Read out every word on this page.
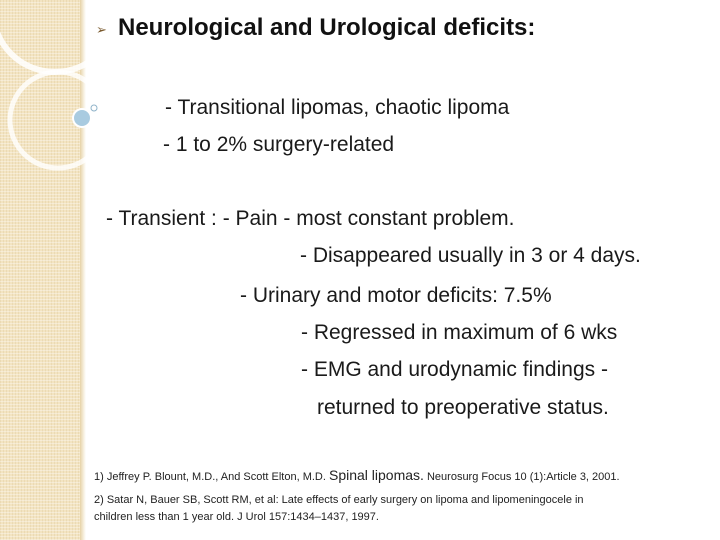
➢ Neurological and Urological deficits:
- Transitional lipomas, chaotic lipoma
- 1 to 2% surgery-related
- Transient : - Pain - most constant problem.
- Disappeared usually in 3 or 4 days.
- Urinary and motor deficits: 7.5%
- Regressed in maximum of 6 wks
- EMG and urodynamic findings -
returned to preoperative status.
1) Jeffrey P. Blount, M.D., And Scott Elton, M.D. Spinal lipomas. Neurosurg Focus 10 (1):Article 3, 2001.
2) Satar N, Bauer SB, Scott RM, et al: Late effects of early surgery on lipoma and lipomeningocele in
children less than 1 year old. J Urol 157:1434–1437, 1997.
